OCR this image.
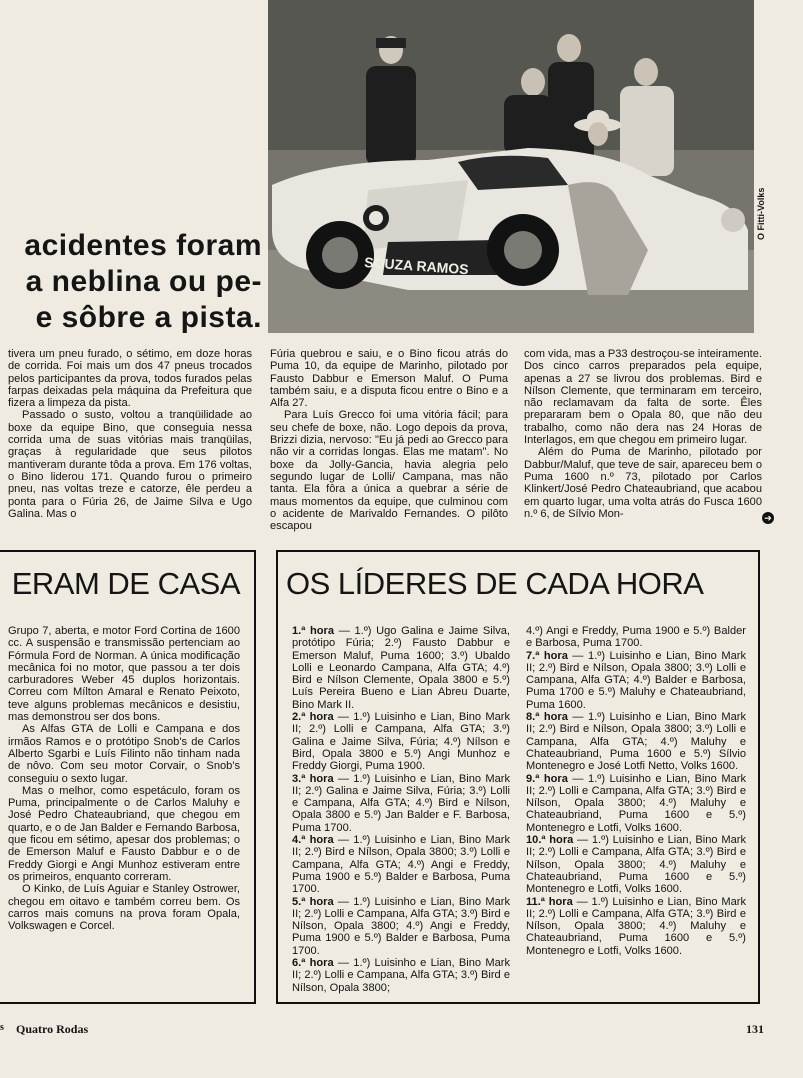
SOUZA RAMOS
O Fitti-Volks
acidentes foram
a neblina ou pe-
e sôbre a pista.

tivera um pneu furado, o sétimo, em doze horas de corrida. Foi mais um dos 47 pneus trocados pelos participantes da prova, todos furados pelas farpas deixadas pela máquina da Prefeitura que fizera a limpeza da pista.

Passado o susto, voltou a tranqüilidade ao boxe da equipe Bino, que conseguia nessa corrida uma de suas vitórias mais tranqüilas, graças à regularidade que seus pilotos mantiveram durante tôda a prova. Em 176 voltas, o Bino liderou 171. Quando furou o primeiro pneu, nas voltas treze e catorze, êle perdeu a ponta para o Fúria 26, de Jaime Silva e Ugo Galina. Mas o

Fúria quebrou e saiu, e o Bino ficou atrás do Puma 10, da equipe de Marinho, pilotado por Fausto Dabbur e Emerson Maluf. O Puma também saiu, e a disputa ficou entre o Bino e a Alfa 27.

Para Luís Grecco foi uma vitória fácil; para seu chefe de boxe, não. Logo depois da prova, Brizzi dizia, nervoso: "Eu já pedi ao Grecco para não vir a corridas longas. Elas me matam". No boxe da Jolly-Gancia, havia alegria pelo segundo lugar de Lolli/ Campana, mas não tanta. Ela fôra a única a quebrar a série de maus momentos da equipe, que culminou com o acidente de Marivaldo Fernandes. O pilôto escapou

com vida, mas a P33 destroçou-se inteiramente. Dos cinco carros preparados pela equipe, apenas a 27 se livrou dos problemas. Bird e Nílson Clemente, que terminaram em terceiro, não reclamavam da falta de sorte. Êles prepararam bem o Opala 80, que não deu trabalho, como não dera nas 24 Horas de Interlagos, em que chegou em primeiro lugar.

Além do Puma de Marinho, pilotado por Dabbur/Maluf, que teve de sair, apareceu bem o Puma 1600 n.º 73, pilotado por Carlos Klinkert/José Pedro Chateaubriand, que acabou em quarto lugar, uma volta atrás do Fusca 1600 n.º 6, de Sílvio Mon-	➔
ERAM DE CASA

Grupo 7, aberta, e motor Ford Cortina de 1600 cc. A suspensão e transmissão pertenciam ao Fórmula Ford de Norman. A única modificação mecânica foi no motor, que passou a ter dois carburadores Weber 45 duplos horizontais. Correu com Mílton Amaral e Renato Peixoto, teve alguns problemas mecânicos e desistiu, mas demonstrou ser dos bons.

As Alfas GTA de Lolli e Campana e dos irmãos Ramos e o protótipo Snob's de Carlos Alberto Sgarbi e Luís Filinto não tinham nada de nôvo. Com seu motor Corvair, o Snob's conseguiu o sexto lugar.

Mas o melhor, como espetáculo, foram os Puma, principalmente o de Carlos Maluhy e José Pedro Chateaubriand, que chegou em quarto, e o de Jan Balder e Fernando Barbosa, que ficou em sétimo, apesar dos problemas; o de Emerson Maluf e Fausto Dabbur e o de Freddy Giorgi e Angi Munhoz estiveram entre os primeiros, enquanto correram.

O Kinko, de Luís Aguiar e Stanley Ostrower, chegou em oitavo e também correu bem. Os carros mais comuns na prova foram Opala, Volkswagen e Corcel.

OS LÍDERES DE CADA HORA

1.ª hora — 1.º) Ugo Galina e Jaime Silva, protótipo Fúria; 2.º) Fausto Dabbur e Emerson Maluf, Puma 1600; 3.º) Ubaldo Lolli e Leonardo Campana, Alfa GTA; 4.º) Bird e Nílson Clemente, Opala 3800 e 5.º) Luís Pereira Bueno e Lian Abreu Duarte, Bino Mark II.

2.ª hora — 1.º) Luisinho e Lian, Bino Mark II; 2.º) Lolli e Campana, Alfa GTA; 3.º) Galina e Jaime Silva, Fúria; 4.º) Nílson e Bird, Opala 3800 e 5.º) Angi Munhoz e Freddy Giorgi, Puma 1900.

3.ª hora — 1.º) Luisinho e Lian, Bino Mark II; 2.º) Galina e Jaime Silva, Fúria; 3.º) Lolli e Campana, Alfa GTA; 4.º) Bird e Nílson, Opala 3800 e 5.º) Jan Balder e F. Barbosa, Puma 1700.

4.ª hora — 1.º) Luisinho e Lian, Bino Mark II; 2.º) Bird e Nílson, Opala 3800; 3.º) Lolli e Campana, Alfa GTA; 4.º) Angi e Freddy, Puma 1900 e 5.º) Balder e Barbosa, Puma 1700.

5.ª hora — 1.º) Luisinho e Lian, Bino Mark II; 2.º) Lolli e Campana, Alfa GTA; 3.º) Bird e Nílson, Opala 3800; 4.º) Angi e Freddy, Puma 1900 e 5.º) Balder e Barbosa, Puma 1700.

6.ª hora — 1.º) Luisinho e Lian, Bino Mark II; 2.º) Lolli e Campana, Alfa GTA; 3.º) Bird e Nílson, Opala 3800;

4.º) Angi e Freddy, Puma 1900 e 5.º) Balder e Barbosa, Puma 1700.

7.ª hora — 1.º) Luisinho e Lian, Bino Mark II; 2.º) Bird e Nílson, Opala 3800; 3.º) Lolli e Campana, Alfa GTA; 4.º) Balder e Barbosa, Puma 1700 e 5.º) Maluhy e Chateaubriand, Puma 1600.

8.ª hora — 1.º) Luisinho e Lian, Bino Mark II; 2.º) Bird e Nílson, Opala 3800; 3.º) Lolli e Campana, Alfa GTA; 4.º) Maluhy e Chateaubriand, Puma 1600 e 5.º) Sílvio Montenegro e José Lotfi Netto, Volks 1600.

9.ª hora — 1.º) Luisinho e Lian, Bino Mark II; 2.º) Lolli e Campana, Alfa GTA; 3.º) Bird e Nílson, Opala 3800; 4.º) Maluhy e Chateaubriand, Puma 1600 e 5.º) Montenegro e Lotfi, Volks 1600.

10.ª hora — 1.º) Luisinho e Lian, Bino Mark II; 2.º) Lolli e Campana, Alfa GTA; 3.º) Bird e Nílson, Opala 3800; 4.º) Maluhy e Chateaubriand, Puma 1600 e 5.º) Montenegro e Lotfi, Volks 1600.

11.ª hora — 1.º) Luisinho e Lian, Bino Mark II; 2.º) Lolli e Campana, Alfa GTA; 3.º) Bird e Nílson, Opala 3800; 4.º) Maluhy e Chateaubriand, Puma 1600 e 5.º) Montenegro e Lotfi, Volks 1600.

s Quatro Rodas	131
